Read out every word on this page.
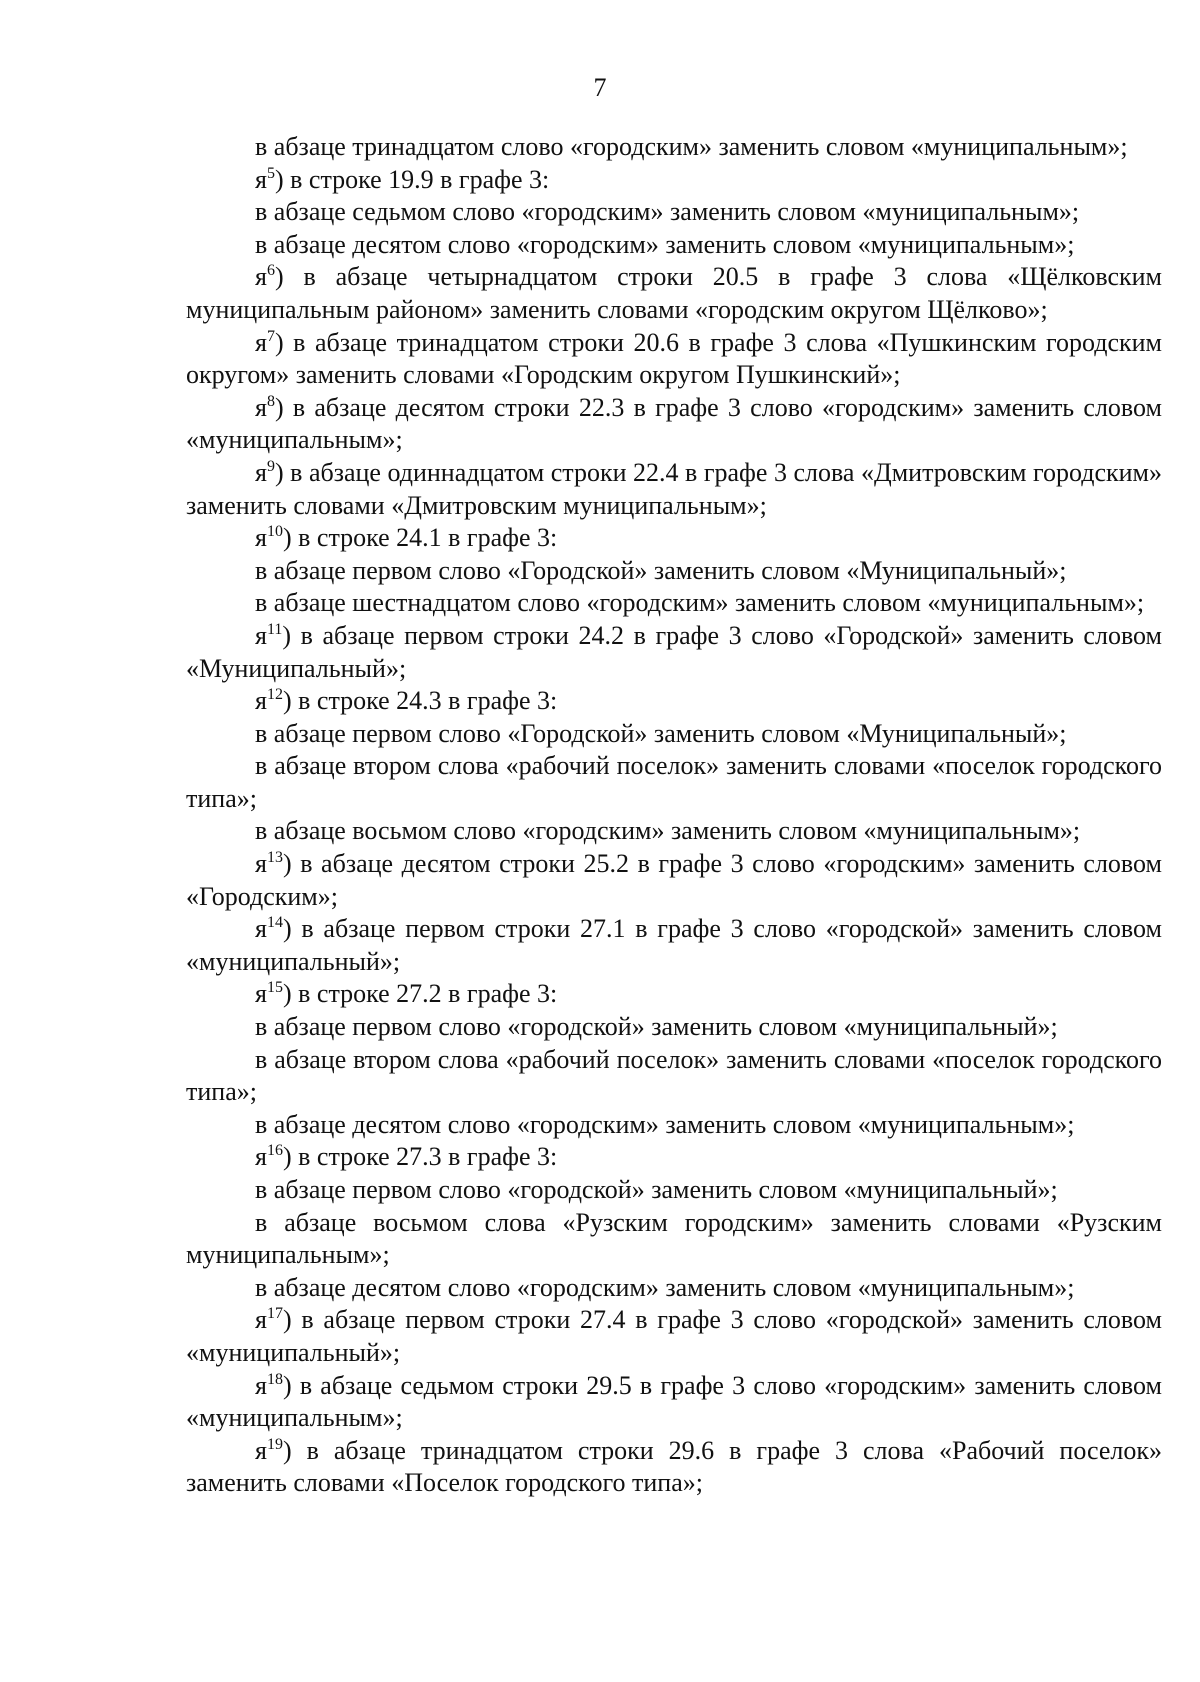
7

в абзаце тринадцатом слово «городским» заменить словом «муниципальным»;

$я^5$) в строке 19.9 в графе 3:

в абзаце седьмом слово «городским» заменить словом «муниципальным»;

в абзаце десятом слово «городским» заменить словом «муниципальным»;

$я^6$) в абзаце четырнадцатом строки 20.5 в графе 3 слова «Щёлковским муниципальным районом» заменить словами «городским округом Щёлково»;

$я^7$) в абзаце тринадцатом строки 20.6 в графе 3 слова «Пушкинским городским округом» заменить словами «Городским округом Пушкинский»;

$я^8$) в абзаце десятом строки 22.3 в графе 3 слово «городским» заменить словом «муниципальным»;

$я^9$) в абзаце одиннадцатом строки 22.4 в графе 3 слова «Дмитровским городским» заменить словами «Дмитровским муниципальным»;

$я^{10}$) в строке 24.1 в графе 3:

в абзаце первом слово «Городской» заменить словом «Муниципальный»;

в абзаце шестнадцатом слово «городским» заменить словом «муниципальным»;

$я^{11}$) в абзаце первом строки 24.2 в графе 3 слово «Городской» заменить словом «Муниципальный»;

$я^{12}$) в строке 24.3 в графе 3:

в абзаце первом слово «Городской» заменить словом «Муниципальный»;

в абзаце втором слова «рабочий поселок» заменить словами «поселок городского типа»;

в абзаце восьмом слово «городским» заменить словом «муниципальным»;

$я^{13}$) в абзаце десятом строки 25.2 в графе 3 слово «городским» заменить словом «Городским»;

$я^{14}$) в абзаце первом строки 27.1 в графе 3 слово «городской» заменить словом «муниципальный»;

$я^{15}$) в строке 27.2 в графе 3:

в абзаце первом слово «городской» заменить словом «муниципальный»;

в абзаце втором слова «рабочий поселок» заменить словами «поселок городского типа»;

в абзаце десятом слово «городским» заменить словом «муниципальным»;

$я^{16}$) в строке 27.3 в графе 3:

в абзаце первом слово «городской» заменить словом «муниципальный»;

в абзаце восьмом слова «Рузским городским» заменить словами «Рузским муниципальным»;

в абзаце десятом слово «городским» заменить словом «муниципальным»;

$я^{17}$) в абзаце первом строки 27.4 в графе 3 слово «городской» заменить словом «муниципальный»;

$я^{18}$) в абзаце седьмом строки 29.5 в графе 3 слово «городским» заменить словом «муниципальным»;

$я^{19}$) в абзаце тринадцатом строки 29.6 в графе 3 слова «Рабочий поселок» заменить словами «Поселок городского типа»;
